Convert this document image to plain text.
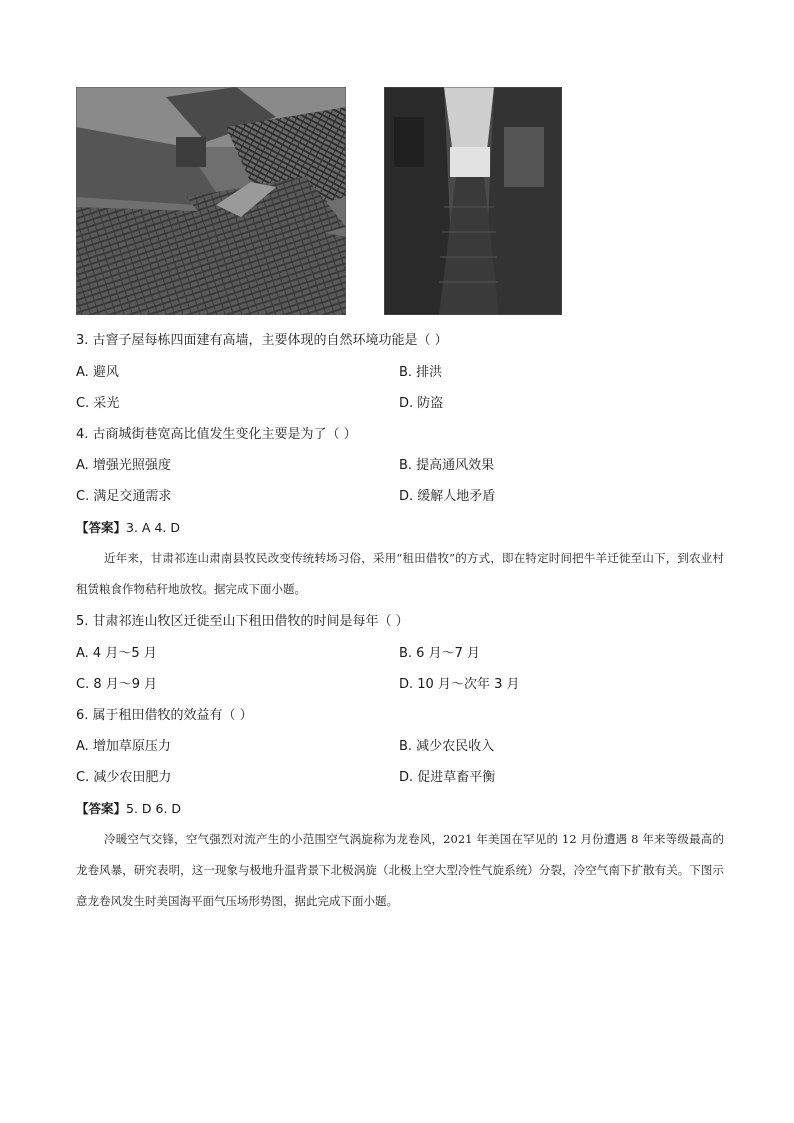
3. 古窨子屋每栋四面建有高墙，主要体现的自然环境功能是（ ）
A. 避风	B. 排洪
C. 采光	D. 防盗
4. 古商城街巷宽高比值发生变化主要是为了（ ）
A. 增强光照强度	B. 提高通风效果
C. 满足交通需求	D. 缓解人地矛盾
【答案】3. A 4. D
近年来，甘肃祁连山肃南县牧民改变传统转场习俗，采用“租田借牧”的方式，即在特定时间把牛羊迁徙至山下，到农业村租赁粮食作物秸秆地放牧。据完成下面小题。
5. 甘肃祁连山牧区迁徙至山下租田借牧的时间是每年（ ）
A. 4 月～5 月	B. 6 月～7 月
C. 8 月～9 月	D. 10 月～次年 3 月
6. 属于租田借牧的效益有（ ）
A. 增加草原压力	B. 减少农民收入
C. 减少农田肥力	D. 促进草畜平衡
【答案】5. D 6. D
冷暖空气交锋，空气强烈对流产生的小范围空气涡旋称为龙卷风，2021 年美国在罕见的 12 月份遭遇 8 年来等级最高的龙卷风暴，研究表明，这一现象与极地升温背景下北极涡旋（北极上空大型冷性气旋系统）分裂，冷空气南下扩散有关。下图示意龙卷风发生时美国海平面气压场形势图，据此完成下面小题。
